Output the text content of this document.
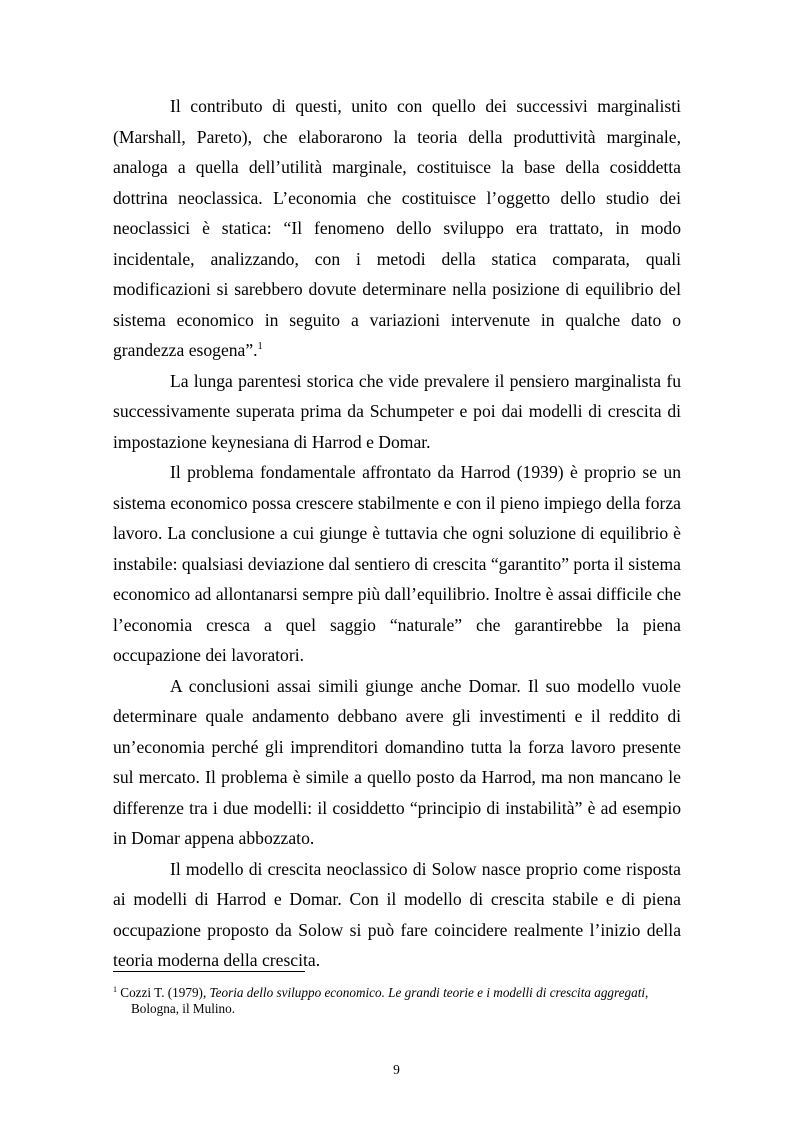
Il contributo di questi, unito con quello dei successivi marginalisti (Marshall, Pareto), che elaborarono la teoria della produttività marginale, analoga a quella dell’utilità marginale, costituisce la base della cosiddetta dottrina neoclassica. L’economia che costituisce l’oggetto dello studio dei neoclassici è statica: “Il fenomeno dello sviluppo era trattato, in modo incidentale, analizzando, con i metodi della statica comparata, quali modificazioni si sarebbero dovute determinare nella posizione di equilibrio del sistema economico in seguito a variazioni intervenute in qualche dato o grandezza esogena”.$^1$

La lunga parentesi storica che vide prevalere il pensiero marginalista fu successivamente superata prima da Schumpeter e poi dai modelli di crescita di impostazione keynesiana di Harrod e Domar.

Il problema fondamentale affrontato da Harrod (1939) è proprio se un sistema economico possa crescere stabilmente e con il pieno impiego della forza lavoro. La conclusione a cui giunge è tuttavia che ogni soluzione di equilibrio è instabile: qualsiasi deviazione dal sentiero di crescita “garantito” porta il sistema economico ad allontanarsi sempre più dall’equilibrio. Inoltre è assai difficile che l’economia cresca a quel saggio “naturale” che garantirebbe la piena occupazione dei lavoratori.

A conclusioni assai simili giunge anche Domar. Il suo modello vuole determinare quale andamento debbano avere gli investimenti e il reddito di un’economia perché gli imprenditori domandino tutta la forza lavoro presente sul mercato. Il problema è simile a quello posto da Harrod, ma non mancano le differenze tra i due modelli: il cosiddetto “principio di instabilità” è ad esempio in Domar appena abbozzato.

Il modello di crescita neoclassico di Solow nasce proprio come risposta ai modelli di Harrod e Domar. Con il modello di crescita stabile e di piena occupazione proposto da Solow si può fare coincidere realmente l’inizio della teoria moderna della crescita.

$^1$ Cozzi T. (1979), Teoria dello sviluppo economico. Le grandi teorie e i modelli di crescita aggregati, Bologna, il Mulino.
9
